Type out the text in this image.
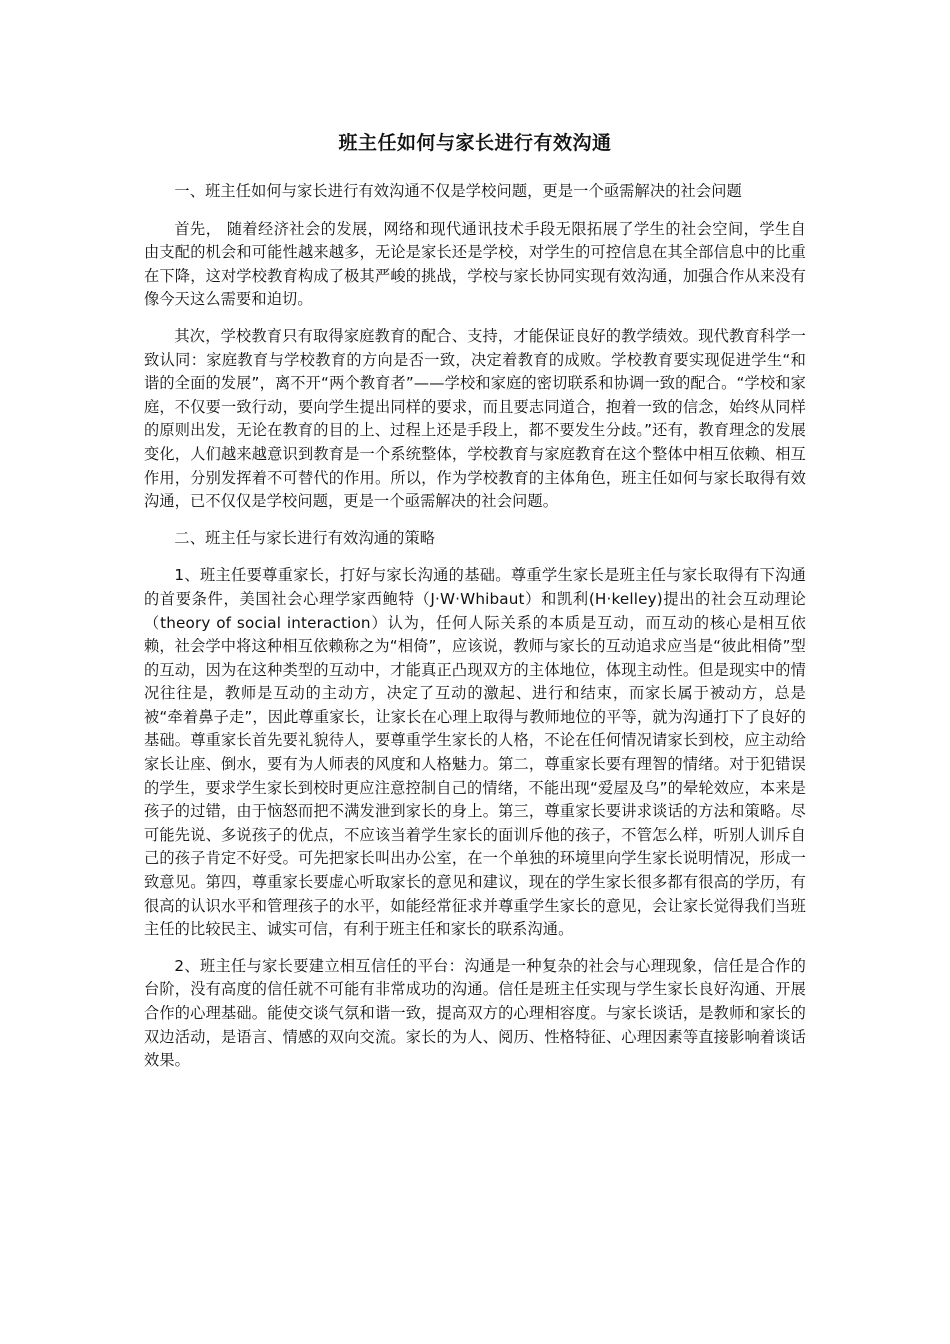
班主任如何与家长进行有效沟通

一、班主任如何与家长进行有效沟通不仅是学校问题，更是一个亟需解决的社会问题

首先， 随着经济社会的发展，网络和现代通讯技术手段无限拓展了学生的社会空间，学生自由支配的机会和可能性越来越多，无论是家长还是学校，对学生的可控信息在其全部信息中的比重在下降，这对学校教育构成了极其严峻的挑战，学校与家长协同实现有效沟通，加强合作从来没有像今天这么需要和迫切。

其次，学校教育只有取得家庭教育的配合、支持，才能保证良好的教学绩效。现代教育科学一致认同：家庭教育与学校教育的方向是否一致，决定着教育的成败。学校教育要实现促进学生“和谐的全面的发展”，离不开“两个教育者”——学校和家庭的密切联系和协调一致的配合。“学校和家庭，不仅要一致行动，要向学生提出同样的要求，而且要志同道合，抱着一致的信念，始终从同样的原则出发，无论在教育的目的上、过程上还是手段上，都不要发生分歧。”还有，教育理念的发展变化，人们越来越意识到教育是一个系统整体，学校教育与家庭教育在这个整体中相互依赖、相互作用，分别发挥着不可替代的作用。所以，作为学校教育的主体角色，班主任如何与家长取得有效沟通，已不仅仅是学校问题，更是一个亟需解决的社会问题。

二、班主任与家长进行有效沟通的策略

1、班主任要尊重家长，打好与家长沟通的基础。尊重学生家长是班主任与家长取得有下沟通的首要条件，美国社会心理学家西鲍特（J·W·Whibaut）和凯利(H·kelley)提出的社会互动理论（theory of social interaction）认为，任何人际关系的本质是互动，而互动的核心是相互依赖，社会学中将这种相互依赖称之为“相倚”，应该说，教师与家长的互动追求应当是“彼此相倚”型的互动，因为在这种类型的互动中，才能真正凸现双方的主体地位，体现主动性。但是现实中的情况往往是，教师是互动的主动方，决定了互动的激起、进行和结束，而家长属于被动方，总是被“牵着鼻子走”，因此尊重家长，让家长在心理上取得与教师地位的平等，就为沟通打下了良好的基础。尊重家长首先要礼貌待人，要尊重学生家长的人格，不论在任何情况请家长到校，应主动给家长让座、倒水，要有为人师表的风度和人格魅力。第二，尊重家长要有理智的情绪。对于犯错误的学生，要求学生家长到校时更应注意控制自己的情绪，不能出现“爱屋及乌”的晕轮效应，本来是孩子的过错，由于恼怒而把不满发泄到家长的身上。第三，尊重家长要讲求谈话的方法和策略。尽可能先说、多说孩子的优点，不应该当着学生家长的面训斥他的孩子，不管怎么样，听别人训斥自己的孩子肯定不好受。可先把家长叫出办公室，在一个单独的环境里向学生家长说明情况，形成一致意见。第四，尊重家长要虚心听取家长的意见和建议，现在的学生家长很多都有很高的学历，有很高的认识水平和管理孩子的水平，如能经常征求并尊重学生家长的意见，会让家长觉得我们当班主任的比较民主、诚实可信，有利于班主任和家长的联系沟通。

2、班主任与家长要建立相互信任的平台：沟通是一种复杂的社会与心理现象，信任是合作的台阶，没有高度的信任就不可能有非常成功的沟通。信任是班主任实现与学生家长良好沟通、开展合作的心理基础。能使交谈气氛和谐一致，提高双方的心理相容度。与家长谈话，是教师和家长的双边活动，是语言、情感的双向交流。家长的为人、阅历、性格特征、心理因素等直接影响着谈话效果。
